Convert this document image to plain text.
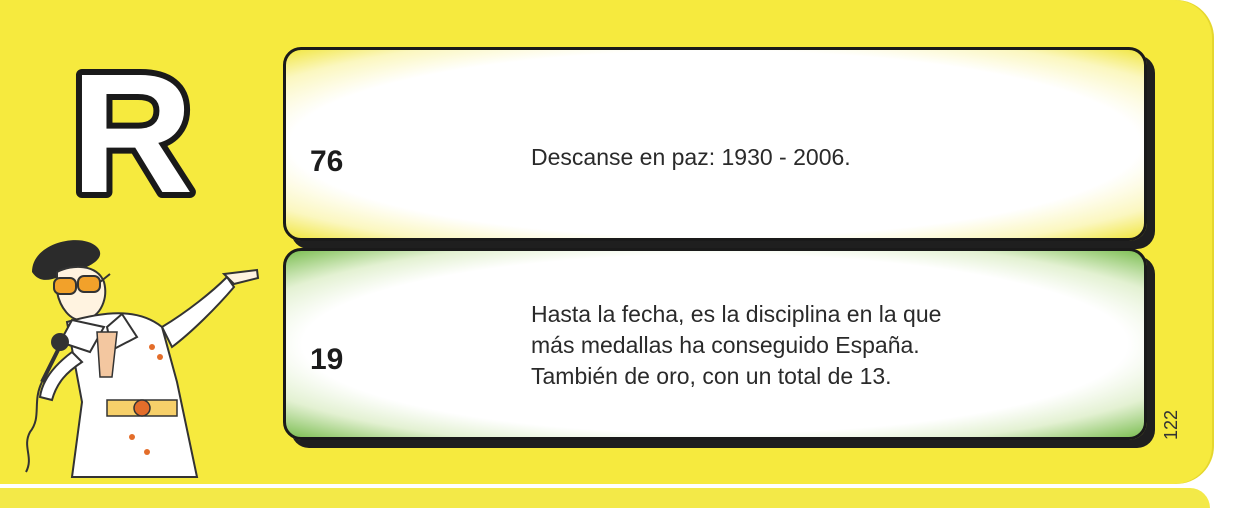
R	76	Descanse en paz: 1930 - 2006.
19
Hasta la fecha, es la disciplina en la que
más medallas ha conseguido España.
También de oro, con un total de 13.
122
